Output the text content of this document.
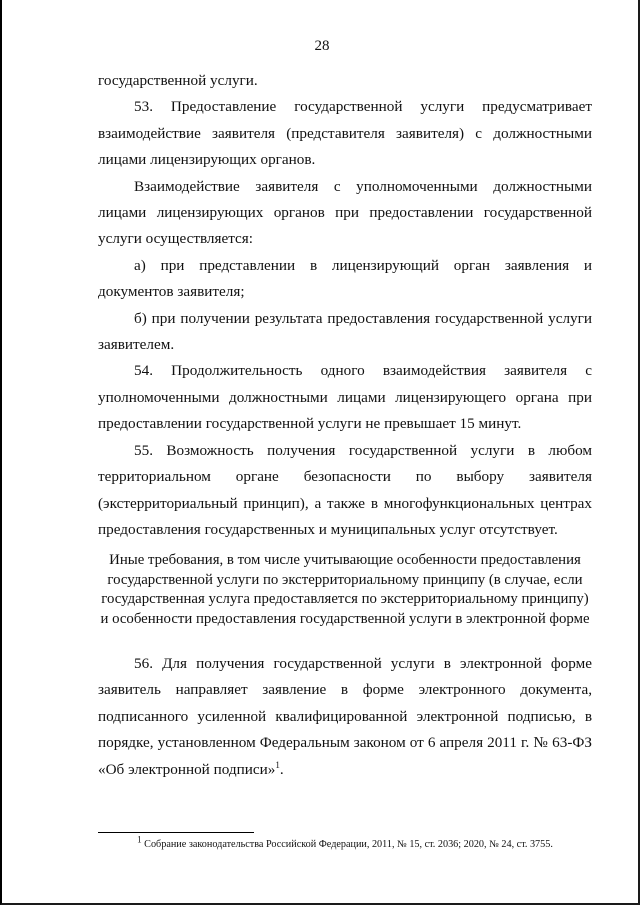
28

государственной услуги.

53. Предоставление государственной услуги предусматривает взаимодействие заявителя (представителя заявителя) с должностными лицами лицензирующих органов.

Взаимодействие заявителя с уполномоченными должностными лицами лицензирующих органов при предоставлении государственной услуги осуществляется:

а) при представлении в лицензирующий орган заявления и документов заявителя;

б) при получении результата предоставления государственной услуги заявителем.

54. Продолжительность одного взаимодействия заявителя с уполномоченными должностными лицами лицензирующего органа при предоставлении государственной услуги не превышает 15 минут.

55. Возможность получения государственной услуги в любом территориальном органе безопасности по выбору заявителя (экстерриториальный принцип), а также в многофункциональных центрах предоставления государственных и муниципальных услуг отсутствует.

Иные требования, в том числе учитывающие особенности предоставления государственной услуги по экстерриториальному принципу (в случае, если государственная услуга предоставляется по экстерриториальному принципу) и особенности предоставления государственной услуги в электронной форме

56. Для получения государственной услуги в электронной форме заявитель направляет заявление в форме электронного документа, подписанного усиленной квалифицированной электронной подписью, в порядке, установленном Федеральным законом от 6 апреля 2011 г. № 63-ФЗ «Об электронной подписи»$^1$.

$^1$ Собрание законодательства Российской Федерации, 2011, № 15, ст. 2036; 2020, № 24, ст. 3755.
